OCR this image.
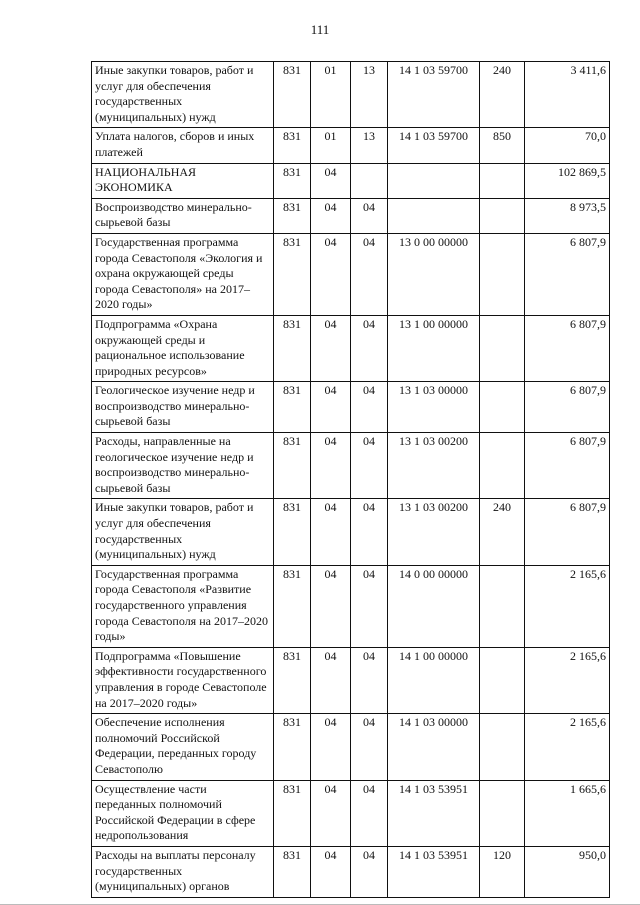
111
Иные закупки товаров, работ и услуг для обеспечения государственных (муниципальных) нужд	831	01	13	14 1 03 59700	240	3 411,6
Уплата налогов, сборов и иных платежей	831	01	13	14 1 03 59700	850	70,0
НАЦИОНАЛЬНАЯ ЭКОНОМИКА	831	04				102 869,5
Воспроизводство минерально-сырьевой базы	831	04	04			8 973,5
Государственная программа города Севастополя «Экология и охрана окружающей среды города Севастополя» на 2017–2020 годы»	831	04	04	13 0 00 00000		6 807,9
Подпрограмма «Охрана окружающей среды и рациональное использование природных ресурсов»	831	04	04	13 1 00 00000		6 807,9
Геологическое изучение недр и воспроизводство минерально-сырьевой базы	831	04	04	13 1 03 00000		6 807,9
Расходы, направленные на геологическое изучение недр и воспроизводство минерально-сырьевой базы	831	04	04	13 1 03 00200		6 807,9
Иные закупки товаров, работ и услуг для обеспечения государственных (муниципальных) нужд	831	04	04	13 1 03 00200	240	6 807,9
Государственная программа города Севастополя «Развитие государственного управления города Севастополя на 2017–2020 годы»	831	04	04	14 0 00 00000		2 165,6
Подпрограмма «Повышение эффективности государственного управления в городе Севастополе на 2017–2020 годы»	831	04	04	14 1 00 00000		2 165,6
Обеспечение исполнения полномочий Российской Федерации, переданных городу Севастополю	831	04	04	14 1 03 00000		2 165,6
Осуществление части переданных полномочий Российской Федерации в сфере недропользования	831	04	04	14 1 03 53951		1 665,6
Расходы на выплаты персоналу государственных (муниципальных) органов	831	04	04	14 1 03 53951	120	950,0
